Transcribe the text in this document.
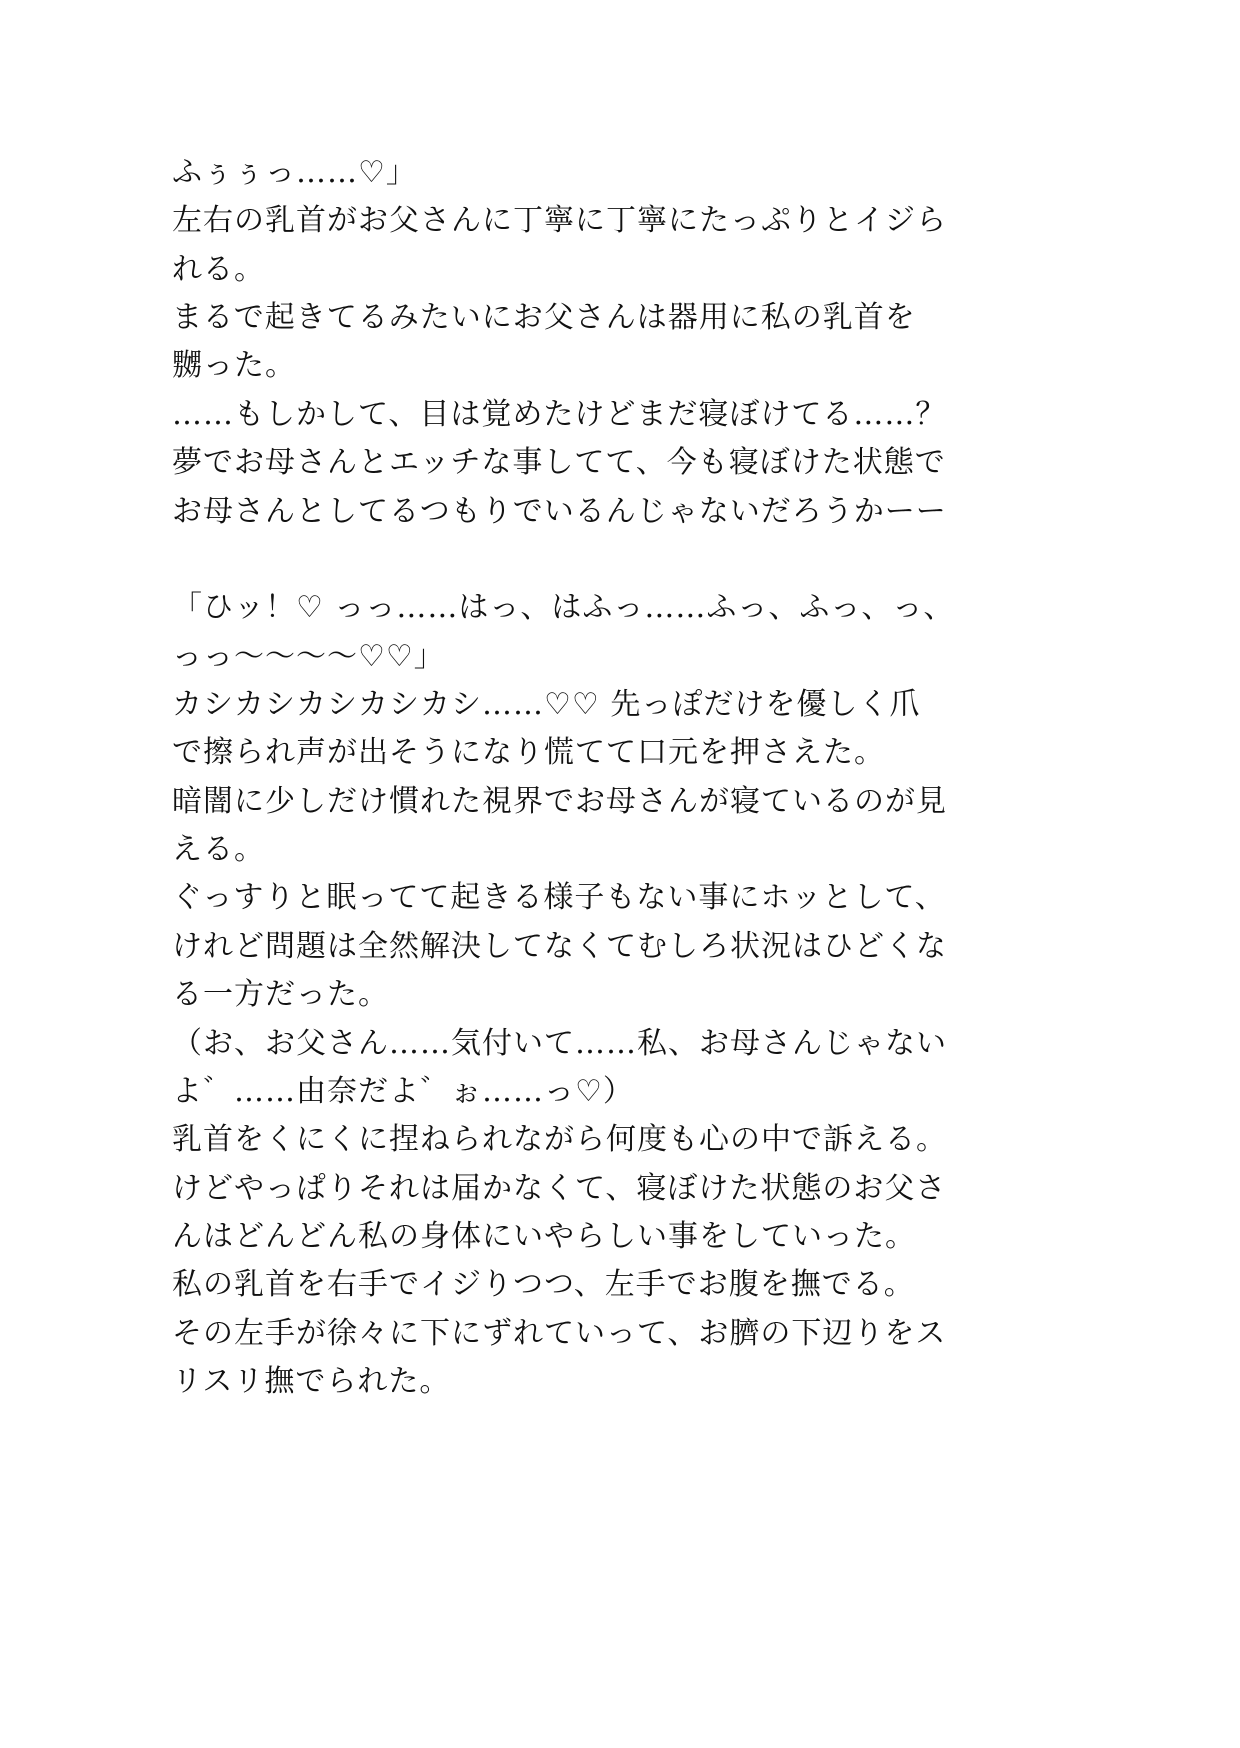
ふぅぅっ……♡」
左右の乳首がお父さんに丁寧に丁寧にたっぷりとイジら
れる。
まるで起きてるみたいにお父さんは器用に私の乳首を
嬲った。
……もしかして、目は覚めたけどまだ寝ぼけてる……？
夢でお母さんとエッチな事してて、今も寝ぼけた状態で
お母さんとしてるつもりでいるんじゃないだろうかーー
「ひッ！♡ っっ……はっ、はふっ……ふっ、ふっ、っ、
っっ〜〜〜〜♡♡」
カシカシカシカシカシ……♡♡ 先っぽだけを優しく爪
で擦られ声が出そうになり慌てて口元を押さえた。
暗闇に少しだけ慣れた視界でお母さんが寝ているのが見
える。
ぐっすりと眠ってて起きる様子もない事にホッとして、
けれど問題は全然解決してなくてむしろ状況はひどくな
る一方だった。
（お、お父さん……気付いて……私、お母さんじゃない
よ゛……由奈だよ゛ぉ……っ♡）
乳首をくにくに捏ねられながら何度も心の中で訴える。
けどやっぱりそれは届かなくて、寝ぼけた状態のお父さ
んはどんどん私の身体にいやらしい事をしていった。
私の乳首を右手でイジりつつ、左手でお腹を撫でる。
その左手が徐々に下にずれていって、お臍の下辺りをス
リスリ撫でられた。
